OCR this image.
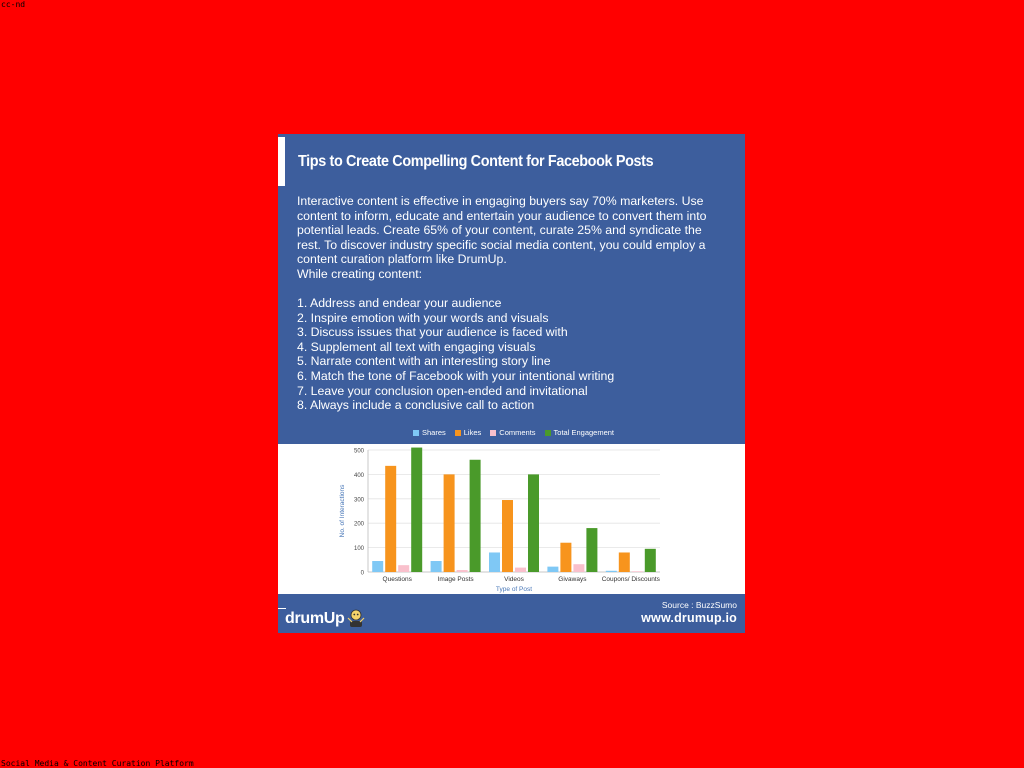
cc-nd
Tips to Create Compelling Content for Facebook Posts

Interactive content is effective in engaging buyers say 70% marketers. Use content to inform, educate and entertain your audience to convert them into potential leads. Create 65% of your content, curate 25% and syndicate the rest. To discover industry specific social media content, you could employ a content curation platform like DrumUp.

While creating content:

1. Address and endear your audience
2. Inspire emotion with your words and visuals
3. Discuss issues that your audience is faced with
4. Supplement all text with engaging visuals
5. Narrate content with an interesting story line
6. Match the tone of Facebook with your intentional writing
7. Leave your conclusion open-ended and invitational
8. Always include a conclusive call to action
Shares Likes Comments Total Engagement
0
100
200
300
400
500
Questions	Image Posts	Videos	Givaways Coupons/ Discounts
Type of Post
No. of Interactions
drumUp
Source : BuzzSumo
www.drumup.io
Social Media & Content Curation Platform
